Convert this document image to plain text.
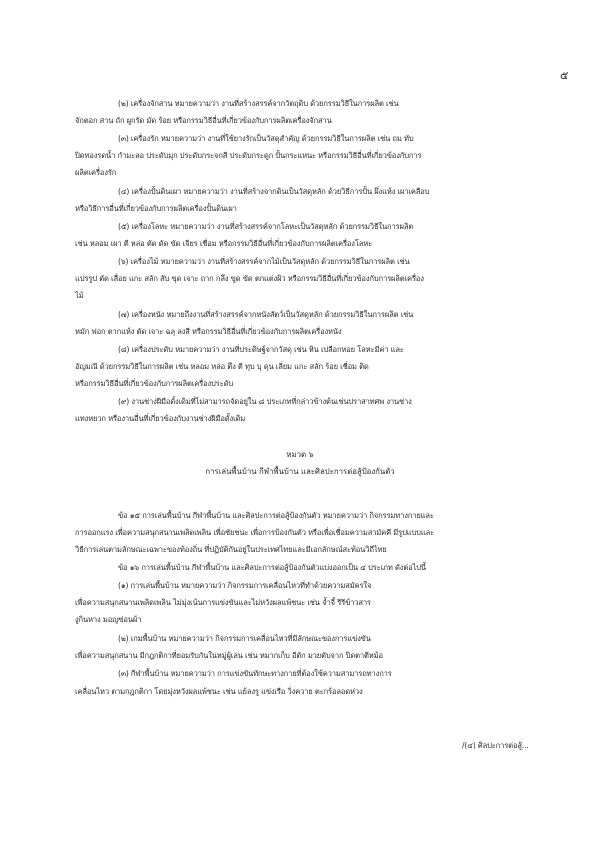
๕
(๒) เครื่องจักสาน หมายความว่า งานที่สร้างสรรค์จากวัตถุดิบ ด้วยกรรมวิธีในการผลิต เช่น
จักตอก สาน ถัก ผูกรัด มัด ร้อย หรือกรรมวิธีอื่นที่เกี่ยวข้องกับการผลิตเครื่องจักสาน
(๓) เครื่องรัก หมายความว่า งานที่ใช้ยางรักเป็นวัสดุสำคัญ ด้วยกรรมวิธีในการผลิต เช่น ถม ทับ
ปิดทองรดน้ำ กำมะลอ ประดับมุก ประดับกระจกสี ประดับกระดูก ปั้นกระแหนะ หรือกรรมวิธีอื่นที่เกี่ยวข้องกับการ
ผลิตเครื่องรัก
(๔) เครื่องปั้นดินเผา หมายความว่า งานที่สร้างจากดินเป็นวัสดุหลัก ด้วยวิธีการปั้น ผึ่งแห้ง เผาเคลือบ
หรือวิธีการอื่นที่เกี่ยวข้องกับการผลิตเครื่องปั้นดินเผา
(๕) เครื่องโลหะ หมายความว่า งานที่สร้างสรรค์จากโลหะเป็นวัสดุหลัก ด้วยกรรมวิธีในการผลิต
เช่น หลอม เผา ตี หล่อ ตัด ดัด ขัด เจียร เชื่อม หรือกรรมวิธีอื่นที่เกี่ยวข้องกับการผลิตเครื่องโลหะ
(๖) เครื่องไม้ หมายความว่า งานที่สร้างสรรค์จากไม้เป็นวัสดุหลัก ด้วยกรรมวิธีในการผลิต เช่น
แปรรูป ตัด เลื่อย แกะ สลัก สับ ขุด เจาะ ถาก กลึง ขูด ขัด ตกแต่งผิว หรือกรรมวิธีอื่นที่เกี่ยวข้องกับการผลิตเครื่อง
ไม้
(๗) เครื่องหนัง หมายถึงงานที่สร้างสรรค์จากหนังสัตว์เป็นวัสดุหลัก ด้วยกรรมวิธีในการผลิต เช่น
หมัก ฟอก ตากแห้ง ตัด เจาะ ฉลุ ลงสี หรือกรรมวิธีอื่นที่เกี่ยวข้องกับการผลิตเครื่องหนัง
(๘) เครื่องประดับ หมายความว่า งานที่ประดิษฐ์จากวัสดุ เช่น หิน เปลือกหอย โลหะมีค่า และ
อัญมณี ด้วยกรรมวิธีในการผลิต เช่น หลอม หล่อ ตึง ตี ทุบ บุ ดุน เลี่ยม แกะ สลัก ร้อย เชื่อม ติด
หรือกรรมวิธีอื่นที่เกี่ยวข้องกับการผลิตเครื่องประดับ
(๙) งานช่างฝีมือดั้งเดิมที่ไม่สามารถจัดอยู่ใน ๘ ประเภทที่กล่าวข้างต้นเช่นปราสาทศพ งานช่าง
แทงหยวก หรืองานอื่นที่เกี่ยวข้องกับงานช่างฝีมือดั้งเดิม
ข้อ ๑๕ การเล่นพื้นบ้าน กีฬาพื้นบ้าน และศิลปะการต่อสู้ป้องกันตัว หมายความว่า กิจกรรมทางกายและ
การออกแรง เพื่อความสนุกสนานเพลิดเพลิน เพื่อชัยชนะ เพื่อการป้องกันตัว หรือเพื่อเชื่อมความสามัคคี มีรูปแบบและ
วิธีการเล่นตามลักษณะเฉพาะของท้องถิ่น ที่ปฏิบัติกันอยู่ในประเทศไทยและมีเอกลักษณ์สะท้อนวิถีไทย
ข้อ ๑๖ การเล่นพื้นบ้าน กีฬาพื้นบ้าน และศิลปะการต่อสู้ป้องกันตัวแบ่งออกเป็น ๔ ประเภท ดังต่อไปนี้
(๑) การเล่นพื้นบ้าน หมายความว่า กิจกรรมการเคลื่อนไหวที่ทำด้วยความสมัครใจ
เพื่อความสนุกสนานเพลิดเพลิน ไม่มุ่งเน้นการแข่งขันและไม่หวังผลแพ้ชนะ เช่น จ้ำจี้ รีรีข้าวสาร
งูกินหาง มอญซ่อนผ้า
(๒) เกมพื้นบ้าน หมายความว่า กิจกรรมการเคลื่อนไหวที่มีลักษณะของการแข่งขัน
เพื่อความสนุกสนาน มีกฎกติกาที่ยอมรับกันในหมู่ผู้เล่น เช่น หมากเก็บ อีตัก มวยตับจาก ปิดตาตีหม้อ
(๓) กีฬาพื้นบ้าน หมายความว่า การแข่งขันทักษะทางกายที่ต้องใช้ความสามารถทางการ
เคลื่อนไหว ตามกฎกติกา โดยมุ่งหวังผลแพ้ชนะ เช่น แย้ลงรู แข่งเรือ วิ่งควาย ตะกร้อลอดห่วง
หมวด ๖
การเล่นพื้นบ้าน กีฬาพื้นบ้าน และศิลปะการต่อสู้ป้องกันตัว
/(๔) ศิลปะการต่อสู้...
